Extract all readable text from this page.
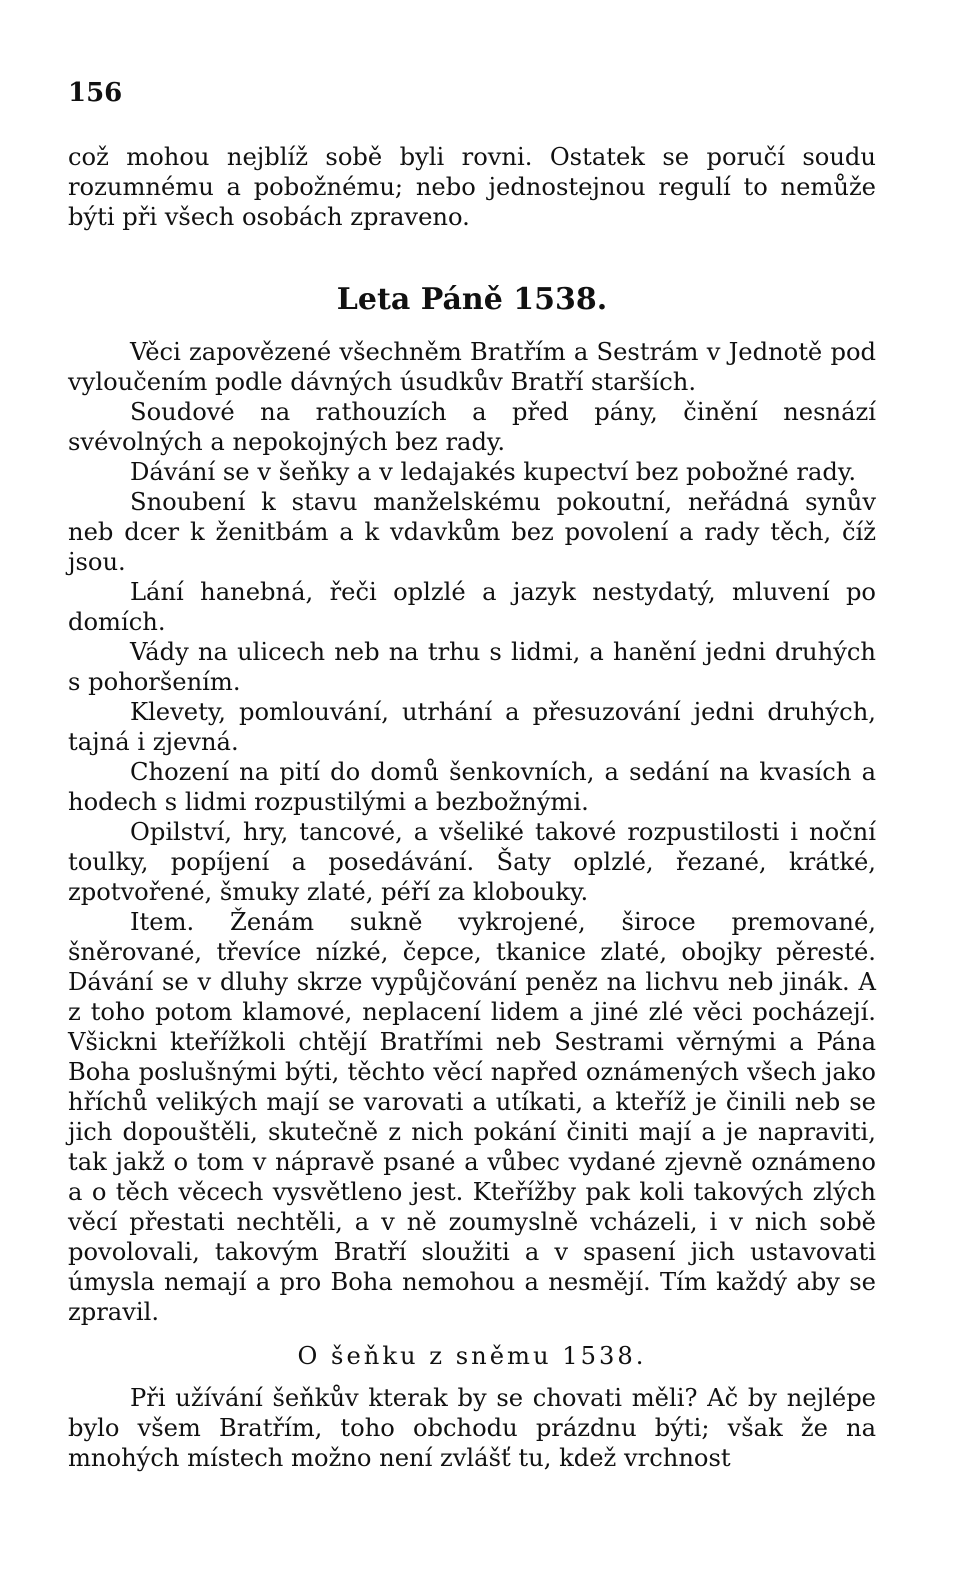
156

což mohou nejblíž sobě byli rovni. Ostatek se poručí soudu rozumnému a pobožnému; nebo jednostejnou regulí to nemůže býti při všech osobách zpraveno.

Leta Páně 1538.

Věci zapovězené všechněm Bratřím a Sestrám v Jednotě pod vyloučením podle dávných úsudkův Bratří starších.

Soudové na rathouzích a před pány, činění nesnází svévolných a nepokojných bez rady.

Dávání se v šeňky a v ledajakés kupectví bez pobožné rady.

Snoubení k stavu manželskému pokoutní, neřádná synův neb dcer k ženitbám a k vdavkům bez povolení a rady těch, číž jsou.

Lání hanebná, řeči oplzlé a jazyk nestydatý, mluvení po domích.

Vády na ulicech neb na trhu s lidmi, a hanění jedni druhých s pohoršením.

Klevety, pomlouvání, utrhání a přesuzování jedni druhých, tajná i zjevná.

Chození na pití do domů šenkovních, a sedání na kvasích a hodech s lidmi rozpustilými a bezbožnými.

Opilství, hry, tancové, a všeliké takové rozpustilosti i noční toulky, popíjení a posedávání. Šaty oplzlé, řezané, krátké, zpotvořené, šmuky zlaté, péří za klobouky.

Item. Ženám sukně vykrojené, široce premované, šněrované, třevíce nízké, čepce, tkanice zlaté, obojky pěresté. Dávání se v dluhy skrze vypůjčování peněz na lichvu neb jinák. A z toho potom klamové, neplacení lidem a jiné zlé věci pocházejí. Všickni kteřížkoli chtějí Bratřími neb Sestrami věrnými a Pána Boha poslušnými býti, těchto věcí napřed oznámených všech jako hříchů velikých mají se varovati a utíkati, a kteříž je činili neb se jich dopouštěli, skutečně z nich pokání činiti mají a je napraviti, tak jakž o tom v nápravě psané a vůbec vydané zjevně oznámeno a o těch věcech vysvětleno jest. Kteřížby pak koli takových zlých věcí přestati nechtěli, a v ně zoumyslně vcházeli, i v nich sobě povolovali, takovým Bratří sloužiti a v spasení jich ustavovati úmysla nemají a pro Boha nemohou a nesmějí. Tím každý aby se zpravil.

O šeňku z sněmu 1538.

Při užívání šeňkův kterak by se chovati měli? Ač by nejlépe bylo všem Bratřím, toho obchodu prázdnu býti; však že na mnohých místech možno není zvlášť tu, kdež vrchnost
